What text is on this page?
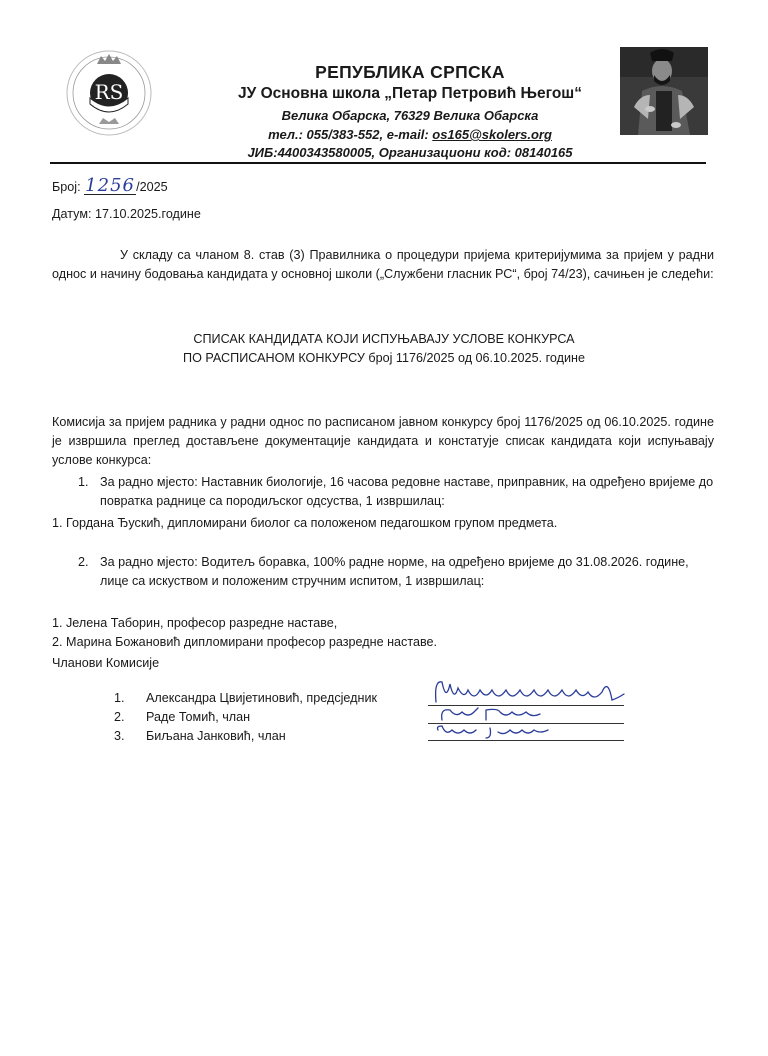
RS
РЕПУБЛИКА СРПСКА
ЈУ Основна школа „Петар Петровић Његош“
Велика Обарска, 76329 Велика Обарска
тел.: 055/383-552, e-mail: os165@skolers.org
ЈИБ:4400343580005, Организациони код: 08140165
Број: 1256/2025
Датум: 17.10.2025.године
У складу са чланом 8. став (3) Правилника о процедури пријема критеријумима за пријем у радни однос и начину бодовања кандидата у основној школи („Службени гласник РС“, број 74/23), сачињен је следећи:
СПИСАК КАНДИДАТА КОЈИ ИСПУЊАВАЈУ УСЛОВЕ КОНКУРСА
ПО РАСПИСАНОМ КОНКУРСУ број 1176/2025 од 06.10.2025. године
Комисија за пријем радника у радни однос по расписаном јавном конкурсу број 1176/2025 од 06.10.2025. године је извршила преглед достављене документације кандидата и констатује списак кандидата који испуњавају услове конкурса:
1. За радно мјесто: Наставник биологије, 16 часова редовне наставе, приправник, на одређено вријеме до повратка раднице са породиљског одсуства, 1 извршилац:
1. Гордана Ђускић, дипломирани биолог са положеном педагошком групом предмета.
2. За радно мјесто: Водитељ боравка, 100% радне норме, на одређено вријеме до 31.08.2026. године, лице са искуством и положеним стручним испитом, 1 извршилац:
1. Јелена Таборин, професор разредне наставе,
2. Марина Божановић дипломирани професор разредне наставе.
Чланови Комисије
1. Александра Цвијетиновић, предсједник
2. Раде Томић, члан
3. Биљана Јанковић, члан
